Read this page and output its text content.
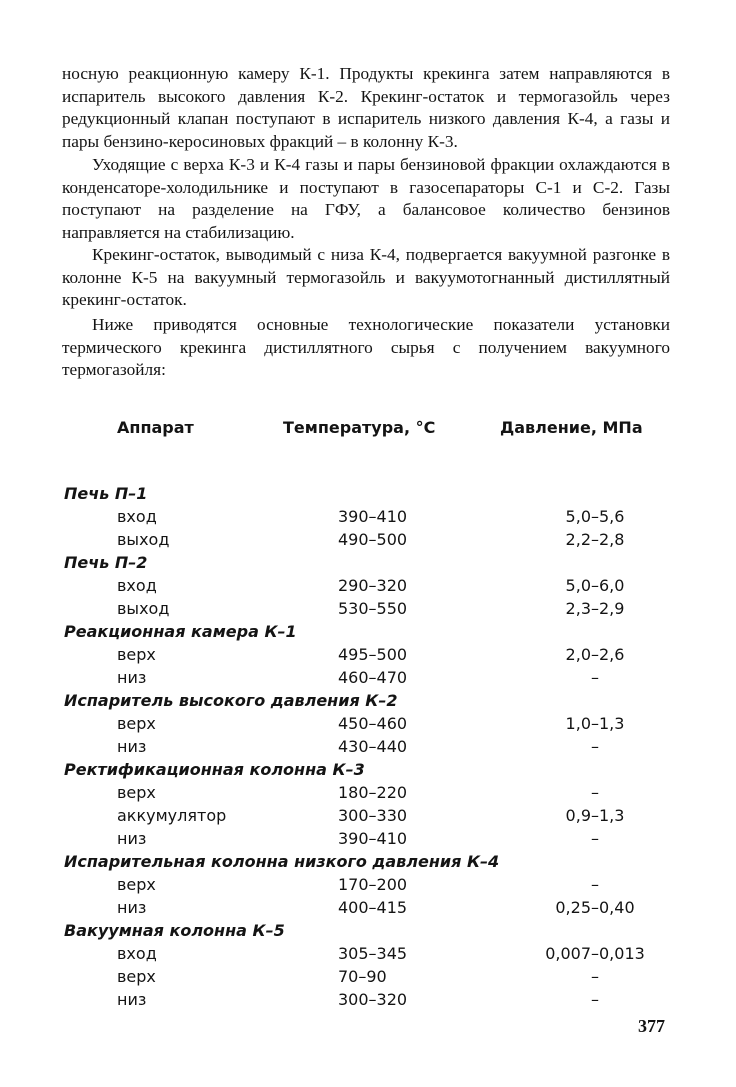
носную реакционную камеру К-1. Продукты крекинга затем направляются в испаритель высокого давления К-2. Крекинг-остаток и термогазойль через редукционный клапан поступают в испаритель низкого давления К-4, а газы и пары бензино-керосиновых фракций – в колонну К-3.

Уходящие с верха К-3 и К-4 газы и пары бензиновой фракции охлаждаются в конденсаторе-холодильнике и поступают в газосепараторы С-1 и С-2. Газы поступают на разделение на ГФУ, а балансовое количество бензинов направляется на стабилизацию.

Крекинг-остаток, выводимый с низа К-4, подвергается вакуумной разгонке в колонне К-5 на вакуумный термогазойль и вакуумотогнанный дистиллятный крекинг-остаток.

Ниже приводятся основные технологические показатели установки термического крекинга дистиллятного сырья с получением вакуумного термогазойля:

Аппарат	Температура, °С	Давление, МПа
Печь П–1
вход	390–410	5,0–5,6
выход	490–500	2,2–2,8
Печь П–2
вход	290–320	5,0–6,0
выход	530–550	2,3–2,9
Реакционная камера К–1
верх	495–500	2,0–2,6
низ	460–470	–
Испаритель высокого давления К–2
верх	450–460	1,0–1,3
низ	430–440	–
Ректификационная колонна К–3
верх	180–220	–
аккумулятор	300–330	0,9–1,3
низ	390–410	–
Испарительная колонна низкого давления К–4
верх	170–200	–
низ	400–415	0,25–0,40
Вакуумная колонна К–5
вход	305–345	0,007–0,013
верх	70–90	–
низ	300–320	–
377
